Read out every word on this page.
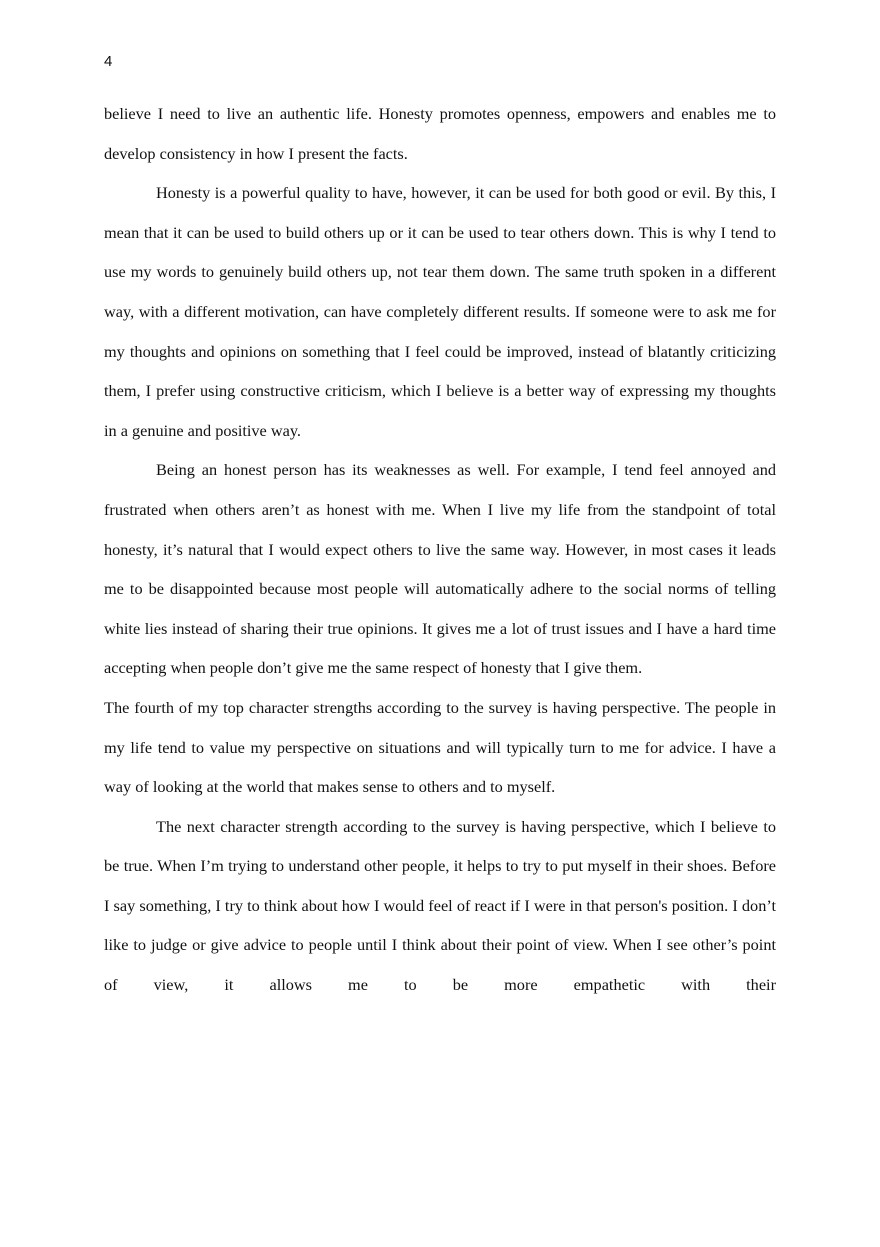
4

believe I need to live an authentic life. Honesty promotes openness, empowers and enables me to develop consistency in how I present the facts.

Honesty is a powerful quality to have, however, it can be used for both good or evil. By this, I mean that it can be used to build others up or it can be used to tear others down. This is why I tend to use my words to genuinely build others up, not tear them down. The same truth spoken in a different way, with a different motivation, can have completely different results. If someone were to ask me for my thoughts and opinions on something that I feel could be improved, instead of blatantly criticizing them, I prefer using constructive criticism, which I believe is a better way of expressing my thoughts in a genuine and positive way.

Being an honest person has its weaknesses as well. For example, I tend feel annoyed and frustrated when others aren’t as honest with me. When I live my life from the standpoint of total honesty, it’s natural that I would expect others to live the same way. However, in most cases it leads me to be disappointed because most people will automatically adhere to the social norms of telling white lies instead of sharing their true opinions. It gives me a lot of trust issues and I have a hard time accepting when people don’t give me the same respect of honesty that I give them.

The fourth of my top character strengths according to the survey is having perspective. The people in my life tend to value my perspective on situations and will typically turn to me for advice. I have a way of looking at the world that makes sense to others and to myself.

The next character strength according to the survey is having perspective, which I believe to be true. When I’m trying to understand other people, it helps to try to put myself in their shoes. Before I say something, I try to think about how I would feel of react if I were in that person's position. I don’t like to judge or give advice to people until I think about their point of view. When I see other’s point of view, it allows me to be more empathetic with their
